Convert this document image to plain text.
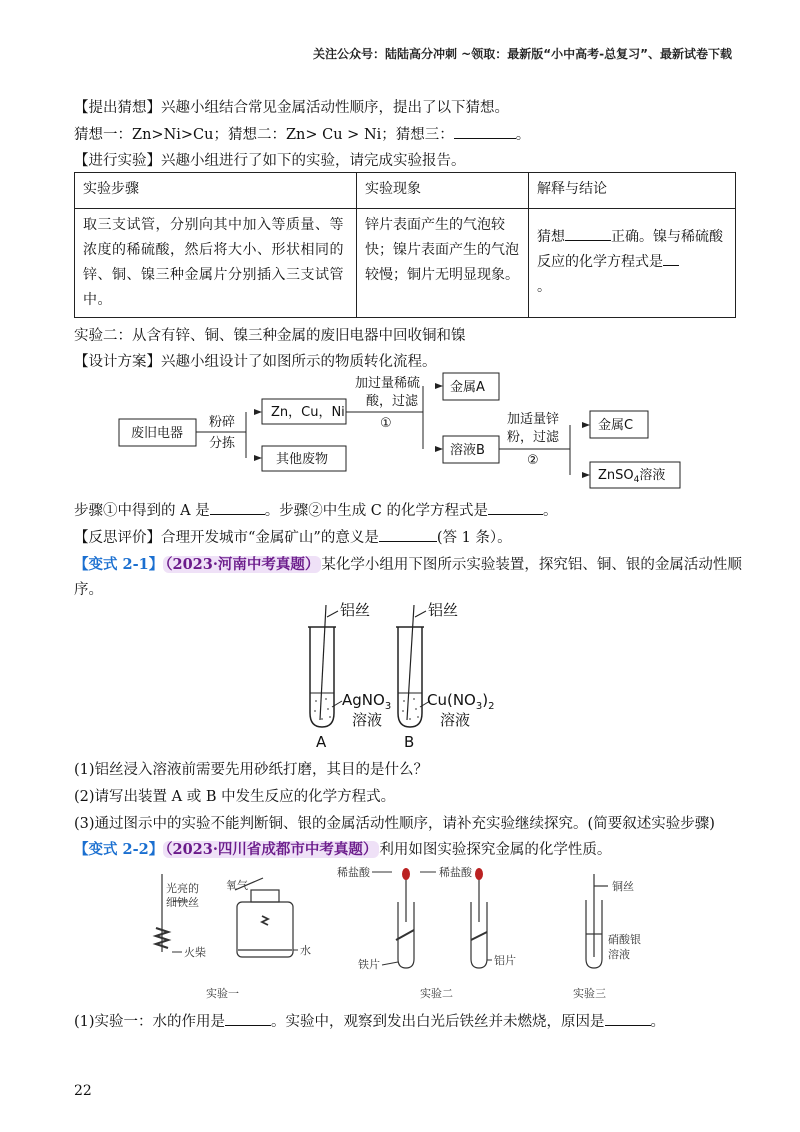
关注公众号：陆陆高分冲刺 ~领取：最新版“小中高考-总复习”、最新试卷下载
【提出猜想】兴趣小组结合常见金属活动性顺序，提出了以下猜想。
猜想一：Zn>Ni>Cu；猜想二：Zn> Cu > Ni；猜想三：	。
【进行实验】兴趣小组进行了如下的实验，请完成实验报告。
实验步骤	实验现象	解释与结论
取三支试管，分别向其中加入等质量、等浓度的稀硫酸，然后将大小、形状相同的锌、铜、镍三种金属片分别插入三支试管中。	锌片表面产生的气泡较快；镍片表面产生的气泡较慢；铜片无明显现象。	猜想 正确。镍与稀硫酸反应的化学方程式是
。
实验二：从含有锌、铜、镍三种金属的废旧电器中回收铜和镍
【设计方案】兴趣小组设计了如图所示的物质转化流程。
废旧电器
粉碎
分拣
Zn，Cu，Ni
其他废物
加过量稀硫
酸，过滤
①
金属A
溶液B
加适量锌
粉，过滤
②
金属C
ZnSO$_4$溶液
步骤①中得到的 A 是	。步骤②中生成 C 的化学方程式是	。
【反思评价】合理开发城市“金属矿山”的意义是	(答 1 条）。
【变式 2-1】 （2023·河南中考真题） 某化学小组用下图所示实验装置，探究铝、铜、银的金属活动性顺
序。
铝丝	铝丝
AgNO$_3$
溶液
$Cu(NO_3)_2$
溶液
A	B
(1)铝丝浸入溶液前需要先用砂纸打磨，其目的是什么？
(2)请写出装置 A 或 B 中发生反应的化学方程式。
(3)通过图示中的实验不能判断铜、银的金属活动性顺序，请补充实验继续探究。(简要叙述实验步骤)
【变式 2-2】 （2023·四川省成都市中考真题） 利用如图实验探究金属的化学性质。
光亮的
细铁丝
氧气
火柴	水
实验一
稀盐酸	稀盐酸
铁片	铝片
实验二
铜丝
硝酸银
溶液
实验三
(1)实验一：水的作用是	。实验中，观察到发出白光后铁丝并未燃烧，原因是	。
22
